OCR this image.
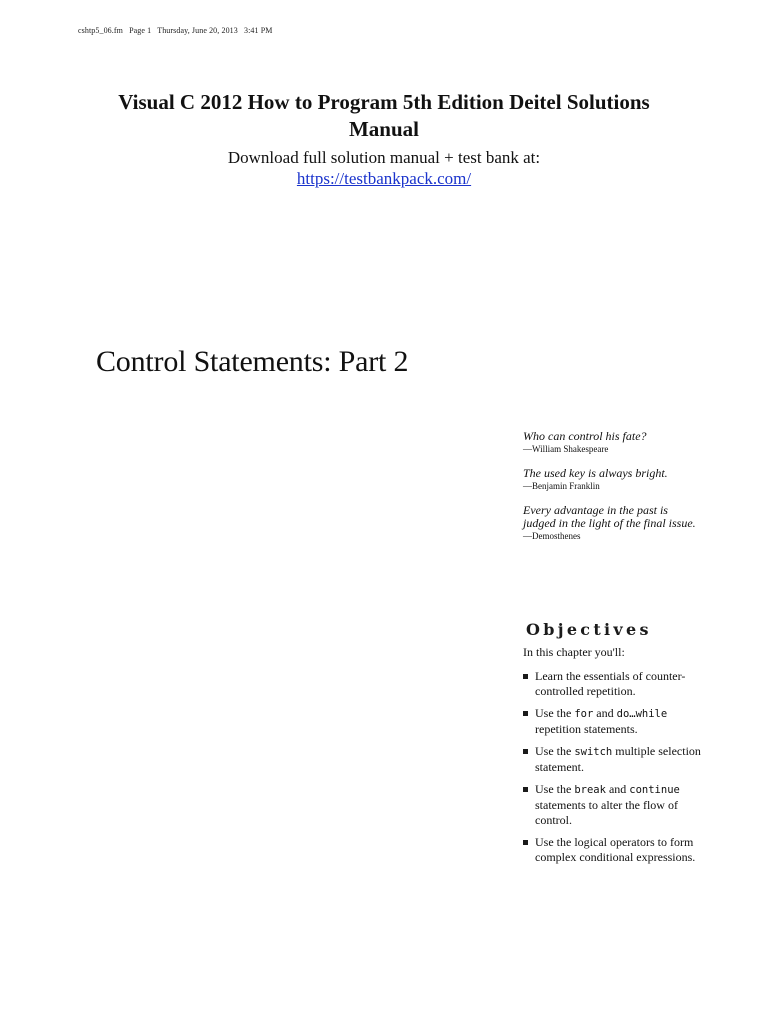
cshtp5_06.fm Page 1 Thursday, June 20, 2013 3:41 PM
Visual C 2012 How to Program 5th Edition Deitel Solutions
Manual

Download full solution manual + test bank at:

https://testbankpack.com/
Control Statements: Part 2
Who can control his fate?
—William Shakespeare
The used key is always bright.
—Benjamin Franklin
Every advantage in the past is judged in the light of the final issue.
—Demosthenes
Objectives

In this chapter you'll:

Learn the essentials of counter-controlled repetition.
Use the for and do…while repetition statements.
Use the switch multiple selection statement.
Use the break and continue statements to alter the flow of control.
Use the logical operators to form complex conditional expressions.
